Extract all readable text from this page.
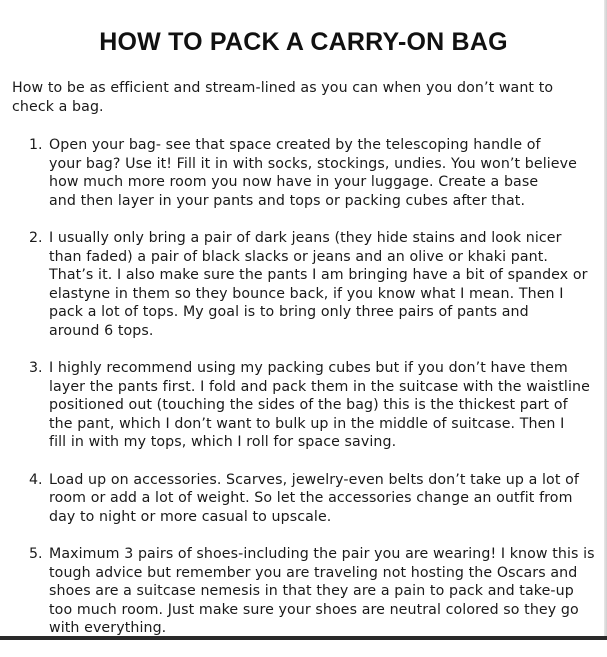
HOW TO PACK A CARRY-ON BAG
How to be as efficient and stream-lined as you can when you don’t want to
check a bag.
1. Open your bag- see that space created by the telescoping handle of

your bag? Use it! Fill it in with socks, stockings, undies. You won’t believe

how much more room you now have in your luggage. Create a base

and then layer in your pants and tops or packing cubes after that.

2. I usually only bring a pair of dark jeans (they hide stains and look nicer

than faded) a pair of black slacks or jeans and an olive or khaki pant.

That’s it. I also make sure the pants I am bringing have a bit of spandex or

elastyne in them so they bounce back, if you know what I mean. Then I

pack a lot of tops. My goal is to bring only three pairs of pants and

around 6 tops.

3. I highly recommend using my packing cubes but if you don’t have them

layer the pants first. I fold and pack them in the suitcase with the waistline

positioned out (touching the sides of the bag) this is the thickest part of

the pant, which I don’t want to bulk up in the middle of suitcase. Then I

fill in with my tops, which I roll for space saving.

4. Load up on accessories. Scarves, jewelry-even belts don’t take up a lot of

room or add a lot of weight. So let the accessories change an outfit from

day to night or more casual to upscale.

5. Maximum 3 pairs of shoes-including the pair you are wearing! I know this is

tough advice but remember you are traveling not hosting the Oscars and

shoes are a suitcase nemesis in that they are a pain to pack and take-up

too much room. Just make sure your shoes are neutral colored so they go

with everything.
